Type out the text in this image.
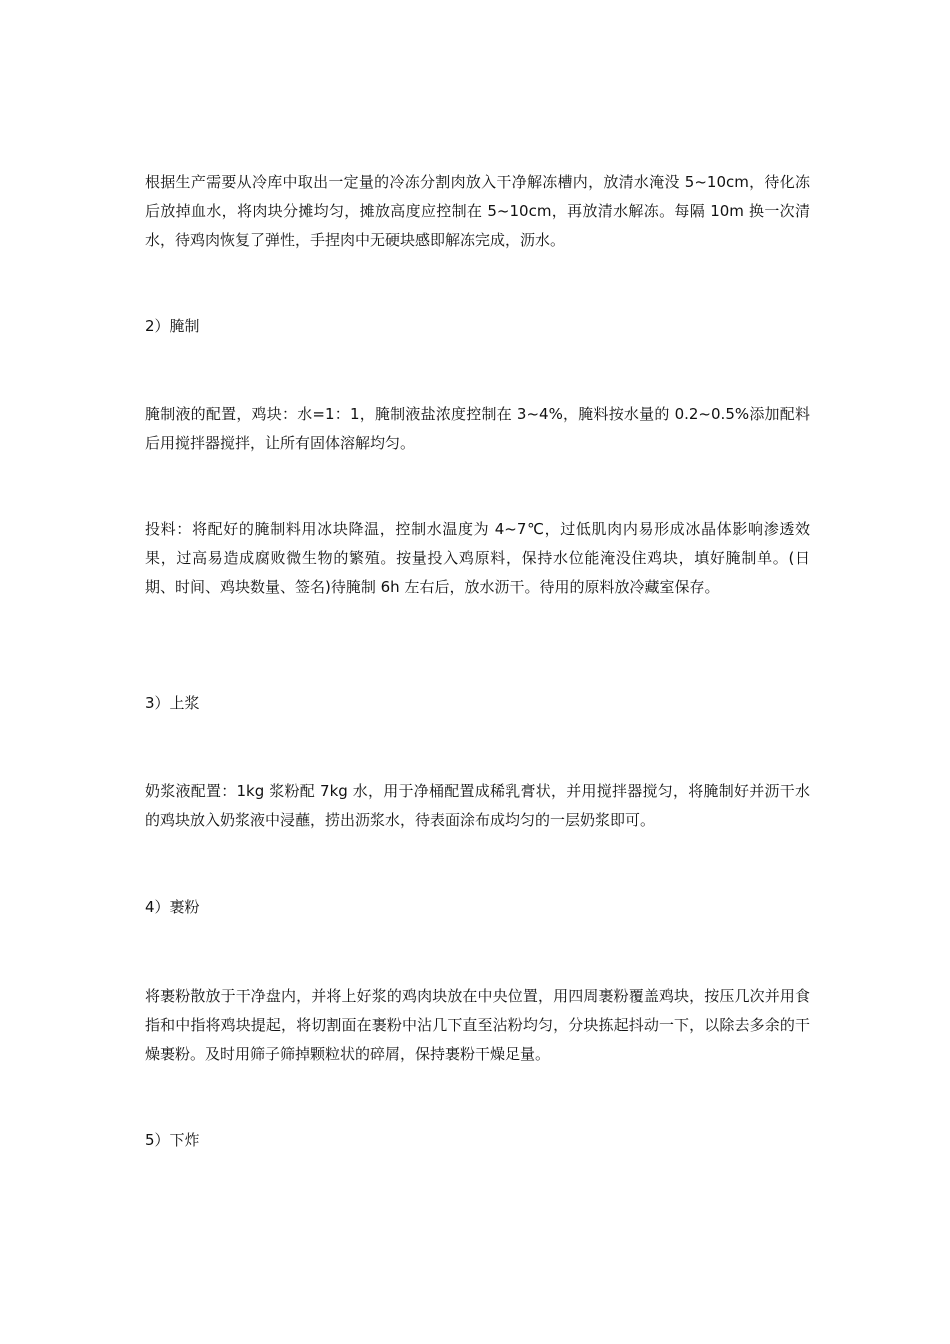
根据生产需要从冷库中取出一定量的冷冻分割肉放入干净解冻槽内，放清水淹没 5~10cm，待化冻后放掉血水，将肉块分摊均匀，摊放高度应控制在 5~10cm，再放清水解冻。每隔 10m 换一次清水，待鸡肉恢复了弹性，手捏肉中无硬块感即解冻完成，沥水。

2）腌制

腌制液的配置，鸡块：水=1：1，腌制液盐浓度控制在 3~4%，腌料按水量的 0.2~0.5%添加配料后用搅拌器搅拌，让所有固体溶解均匀。

投料：将配好的腌制料用冰块降温，控制水温度为 4~7℃，过低肌肉内易形成冰晶体影响渗透效果，过高易造成腐败微生物的繁殖。按量投入鸡原料，保持水位能淹没住鸡块，填好腌制单。(日期、时间、鸡块数量、签名)待腌制 6h 左右后，放水沥干。待用的原料放冷藏室保存。

3）上浆

奶浆液配置：1kg 浆粉配 7kg 水，用于净桶配置成稀乳膏状，并用搅拌器搅匀，将腌制好并沥干水的鸡块放入奶浆液中浸蘸，捞出沥浆水，待表面涂布成均匀的一层奶浆即可。

4）裹粉

将裹粉散放于干净盘内，并将上好浆的鸡肉块放在中央位置，用四周裹粉覆盖鸡块，按压几次并用食指和中指将鸡块提起，将切割面在裹粉中沾几下直至沾粉均匀，分块拣起抖动一下，以除去多余的干燥裹粉。及时用筛子筛掉颗粒状的碎屑，保持裹粉干燥足量。

5）下炸
